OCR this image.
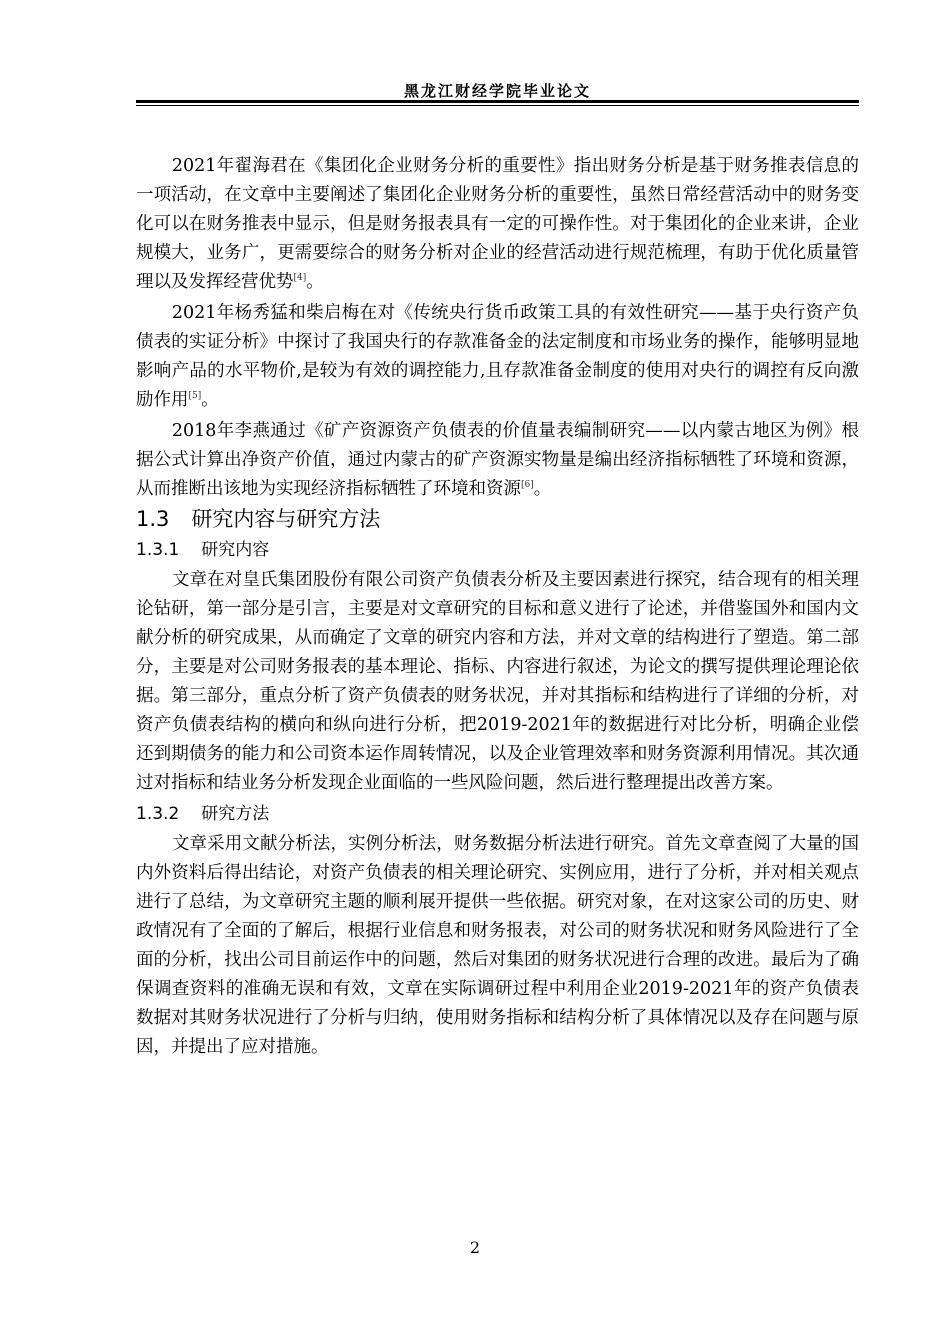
黑龙江财经学院毕业论文

2021年翟海君在《集团化企业财务分析的重要性》指出财务分析是基于财务推表信息的一项活动，在文章中主要阐述了集团化企业财务分析的重要性，虽然日常经营活动中的财务变化可以在财务推表中显示，但是财务报表具有一定的可操作性。对于集团化的企业来讲，企业规模大，业务广，更需要综合的财务分析对企业的经营活动进行规范梳理，有助于优化质量管理以及发挥经营优势[4]。

2021年杨秀猛和柴启梅在对《传统央行货币政策工具的有效性研究——基于央行资产负债表的实证分析》中探讨了我国央行的存款准备金的法定制度和市场业务的操作，能够明显地影响产品的水平物价,是较为有效的调控能力,且存款准备金制度的使用对央行的调控有反向激励作用[5]。

2018年李燕通过《矿产资源资产负债表的价值量表编制研究——以内蒙古地区为例》根据公式计算出净资产价值，通过内蒙古的矿产资源实物量是编出经济指标牺牲了环境和资源，从而推断出该地为实现经济指标牺牲了环境和资源[6]。

1.3 研究内容与研究方法
1.3.1 研究内容

文章在对皇氏集团股份有限公司资产负债表分析及主要因素进行探究，结合现有的相关理论钻研，第一部分是引言，主要是对文章研究的目标和意义进行了论述，并借鉴国外和国内文献分析的研究成果，从而确定了文章的研究内容和方法，并对文章的结构进行了塑造。第二部分，主要是对公司财务报表的基本理论、指标、内容进行叙述，为论文的撰写提供理论理论依据。第三部分，重点分析了资产负债表的财务状况，并对其指标和结构进行了详细的分析，对资产负债表结构的横向和纵向进行分析，把2019-2021年的数据进行对比分析，明确企业偿还到期债务的能力和公司资本运作周转情况，以及企业管理效率和财务资源利用情况。其次通过对指标和结业务分析发现企业面临的一些风险问题，然后进行整理提出改善方案。

1.3.2 研究方法

文章采用文献分析法，实例分析法，财务数据分析法进行研究。首先文章查阅了大量的国内外资料后得出结论，对资产负债表的相关理论研究、实例应用，进行了分析，并对相关观点进行了总结，为文章研究主题的顺利展开提供一些依据。研究对象，在对这家公司的历史、财政情况有了全面的了解后，根据行业信息和财务报表，对公司的财务状况和财务风险进行了全面的分析，找出公司目前运作中的问题，然后对集团的财务状况进行合理的改进。最后为了确保调查资料的准确无误和有效，文章在实际调研过程中利用企业2019-2021年的资产负债表数据对其财务状况进行了分析与归纳，使用财务指标和结构分析了具体情况以及存在问题与原因，并提出了应对措施。

2
